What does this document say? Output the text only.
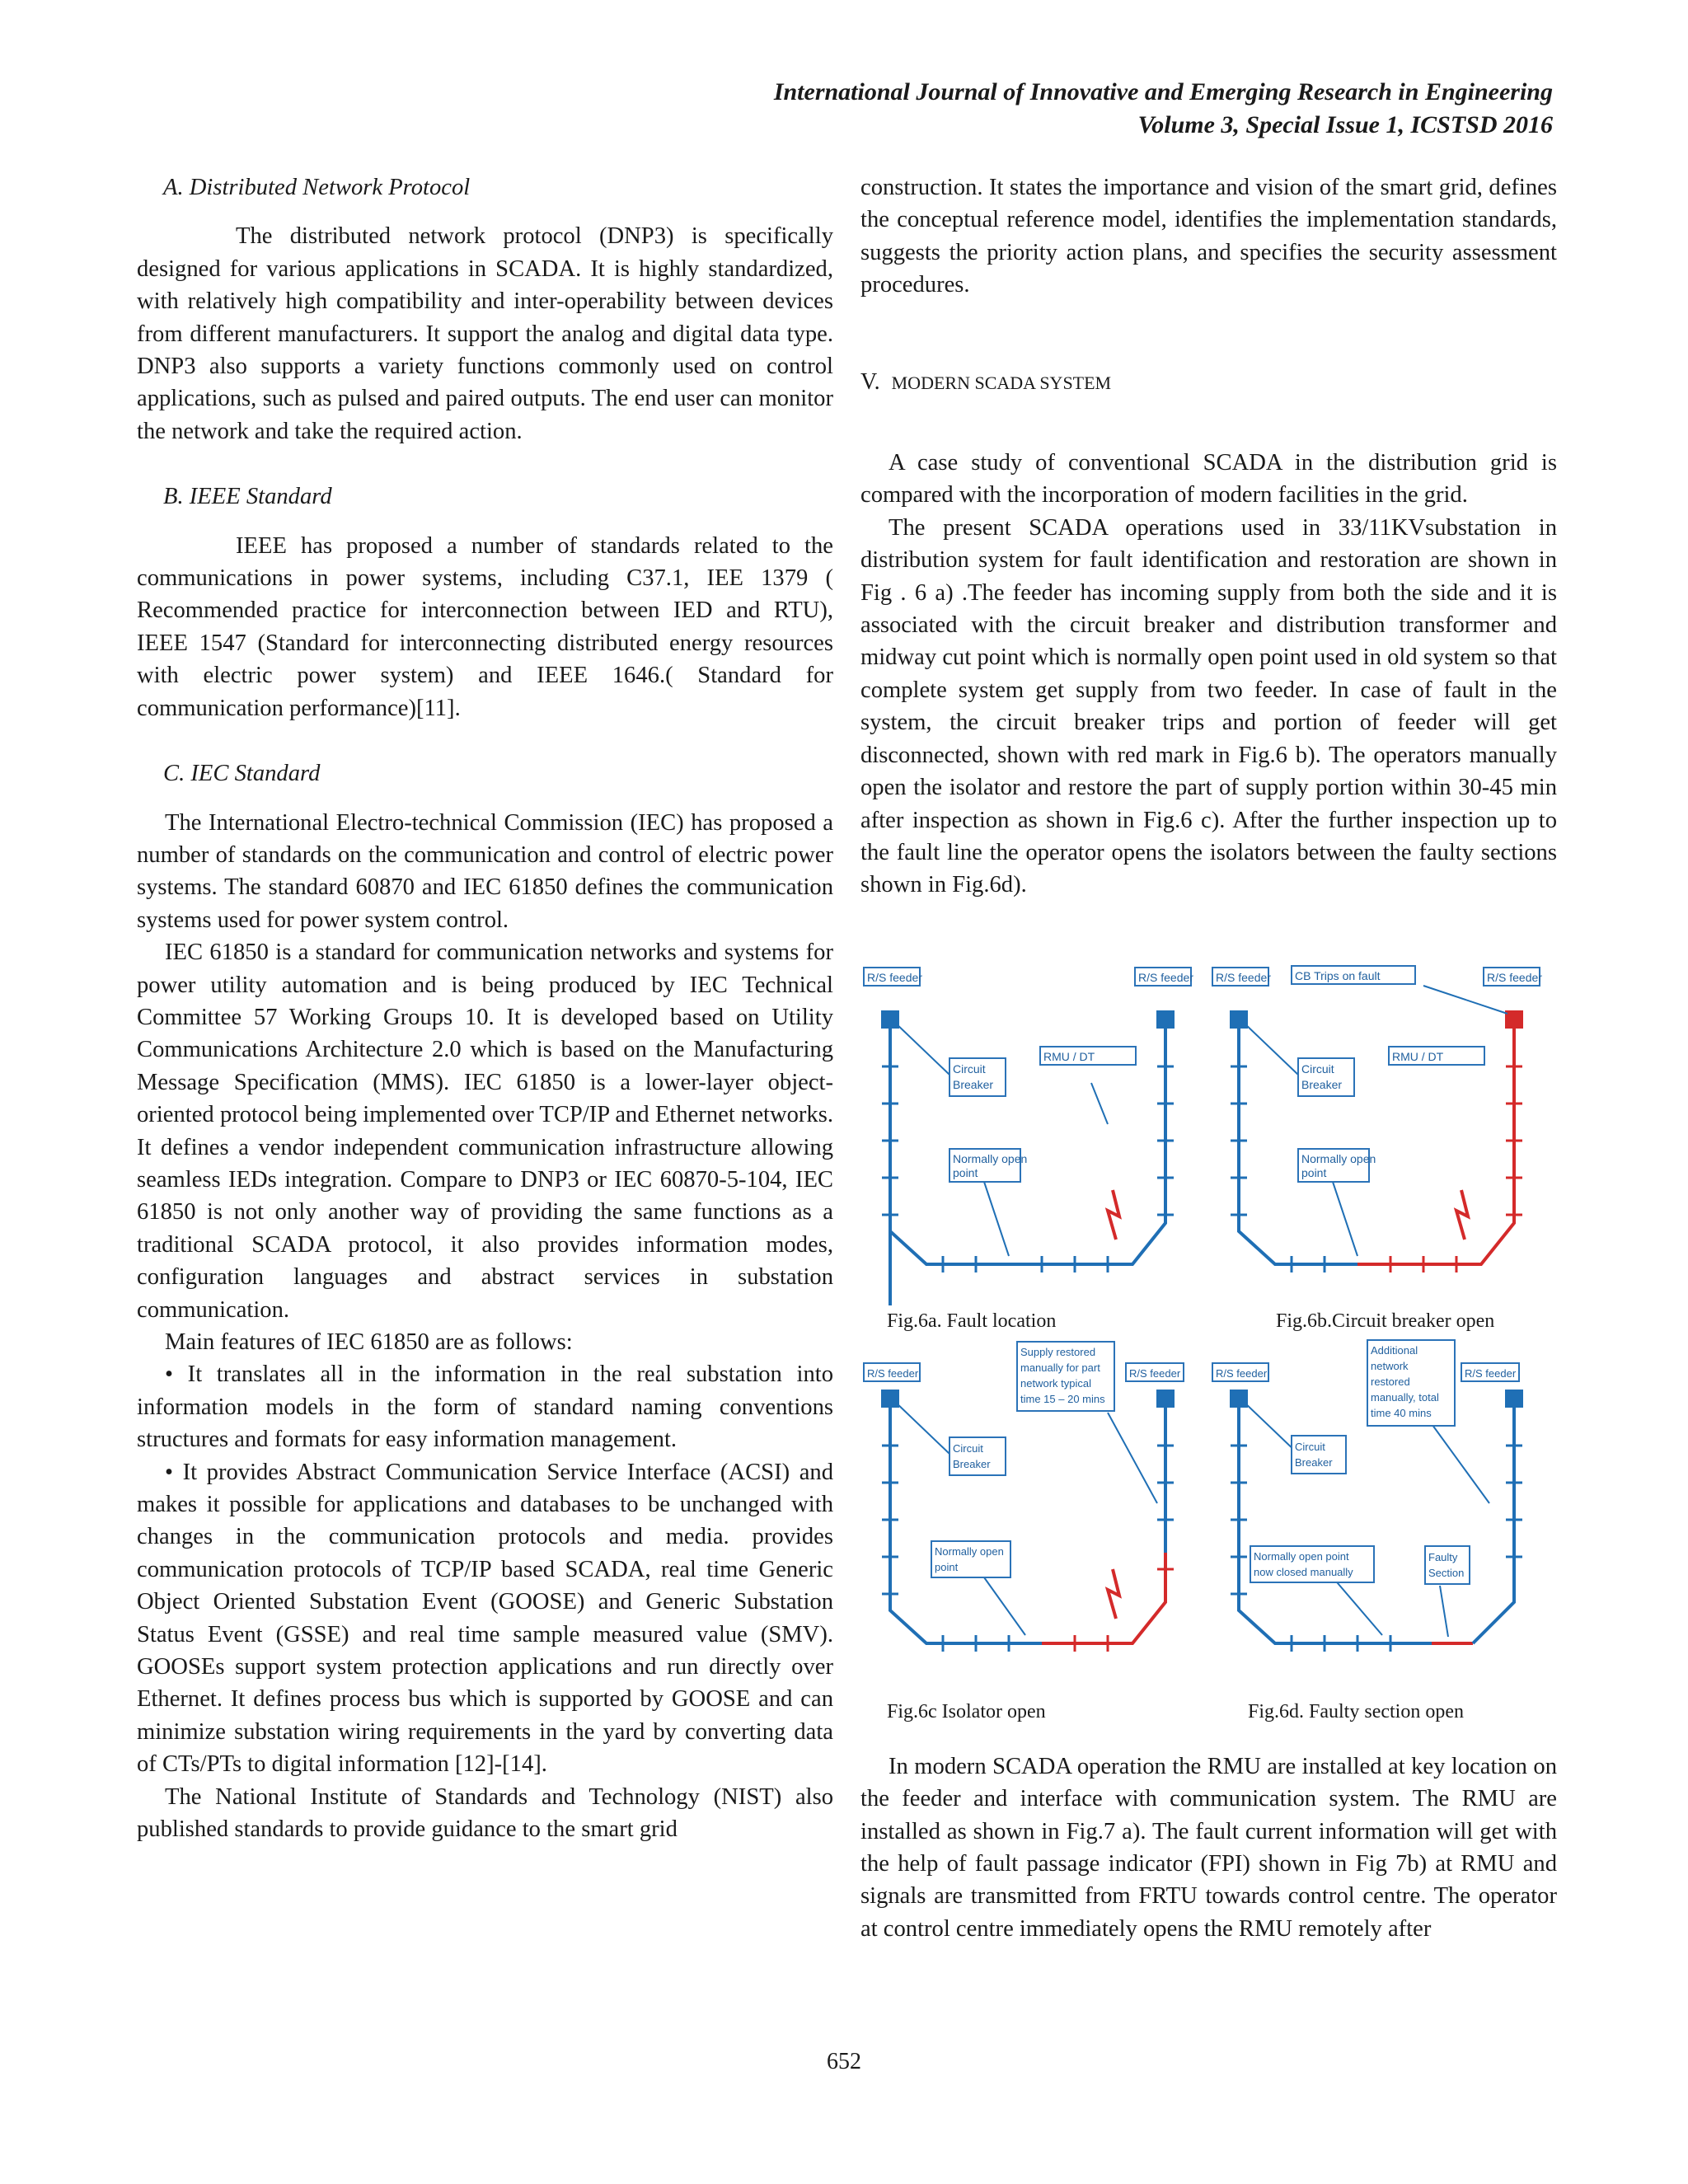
International Journal of Innovative and Emerging Research in Engineering
Volume 3, Special Issue 1, ICSTSD 2016

A. Distributed Network Protocol

The distributed network protocol (DNP3) is specifically designed for various applications in SCADA. It is highly standardized, with relatively high compatibility and inter-operability between devices from different manufacturers. It support the analog and digital data type. DNP3 also supports a variety functions commonly used on control applications, such as pulsed and paired outputs. The end user can monitor the network and take the required action.

B. IEEE Standard

IEEE has proposed a number of standards related to the communications in power systems, including C37.1, IEE 1379 ( Recommended practice for interconnection between IED and RTU), IEEE 1547 (Standard for interconnecting distributed energy resources with electric power system) and IEEE 1646.( Standard for communication performance)[11].

C. IEC Standard

The International Electro-technical Commission (IEC) has proposed a number of standards on the communication and control of electric power systems. The standard 60870 and IEC 61850 defines the communication systems used for power system control.

IEC 61850 is a standard for communication networks and systems for power utility automation and is being produced by IEC Technical Committee 57 Working Groups 10. It is developed based on Utility Communications Architecture 2.0 which is based on the Manufacturing Message Specification (MMS). IEC 61850 is a lower-layer object-oriented protocol being implemented over TCP/IP and Ethernet networks. It defines a vendor independent communication infrastructure allowing seamless IEDs integration. Compare to DNP3 or IEC 60870-5-104, IEC 61850 is not only another way of providing the same functions as a traditional SCADA protocol, it also provides information modes, configuration languages and abstract services in substation communication.

Main features of IEC 61850 are as follows:

• It translates all in the information in the real substation into information models in the form of standard naming conventions structures and formats for easy information management.

• It provides Abstract Communication Service Interface (ACSI) and makes it possible for applications and databases to be unchanged with changes in the communication protocols and media. provides communication protocols of TCP/IP based SCADA, real time Generic Object Oriented Substation Event (GOOSE) and Generic Substation Status Event (GSSE) and real time sample measured value (SMV). GOOSEs support system protection applications and run directly over Ethernet. It defines process bus which is supported by GOOSE and can minimize substation wiring requirements in the yard by converting data of CTs/PTs to digital information [12]-[14].

The National Institute of Standards and Technology (NIST) also published standards to provide guidance to the smart grid

construction. It states the importance and vision of the smart grid, defines the conceptual reference model, identifies the implementation standards, suggests the priority action plans, and specifies the security assessment procedures.

V. MODERN SCADA SYSTEM

A case study of conventional SCADA in the distribution grid is compared with the incorporation of modern facilities in the grid.

The present SCADA operations used in 33/11KVsubstation in distribution system for fault identification and restoration are shown in Fig . 6 a) .The feeder has incoming supply from both the side and it is associated with the circuit breaker and distribution transformer and midway cut point which is normally open point used in old system so that complete system get supply from two feeder. In case of fault in the system, the circuit breaker trips and portion of feeder will get disconnected, shown with red mark in Fig.6 b). The operators manually open the isolator and restore the part of supply portion within 30-45 min after inspection as shown in Fig.6 c). After the further inspection up to the fault line the operator opens the isolators between the faulty sections shown in Fig.6d).

R/S feeder	R/S feeder
Circuit
Breaker
RMU / DT
Normally open
point
R/S feeder CB Trips on fault	R/S feeder
Circuit
Breaker
RMU / DT
Normally open
point
Fig.6a. Fault location	Fig.6b.Circuit breaker open
R/S feeder
Supply restored
manually for part
network typical
time 15 – 20 mins
R/S feeder
Circuit
Breaker
Normally open
point
R/S feeder
Additional
network
restored
manually, total
time 40 mins
R/S feeder
Circuit
Breaker
Normally open point
now closed manually
Faulty
Section
Fig.6c Isolator open	Fig.6d. Faulty section open

In modern SCADA operation the RMU are installed at key location on the feeder and interface with communication system. The RMU are installed as shown in Fig.7 a). The fault current information will get with the help of fault passage indicator (FPI) shown in Fig 7b) at RMU and signals are transmitted from FRTU towards control centre. The operator at control centre immediately opens the RMU remotely after

652
